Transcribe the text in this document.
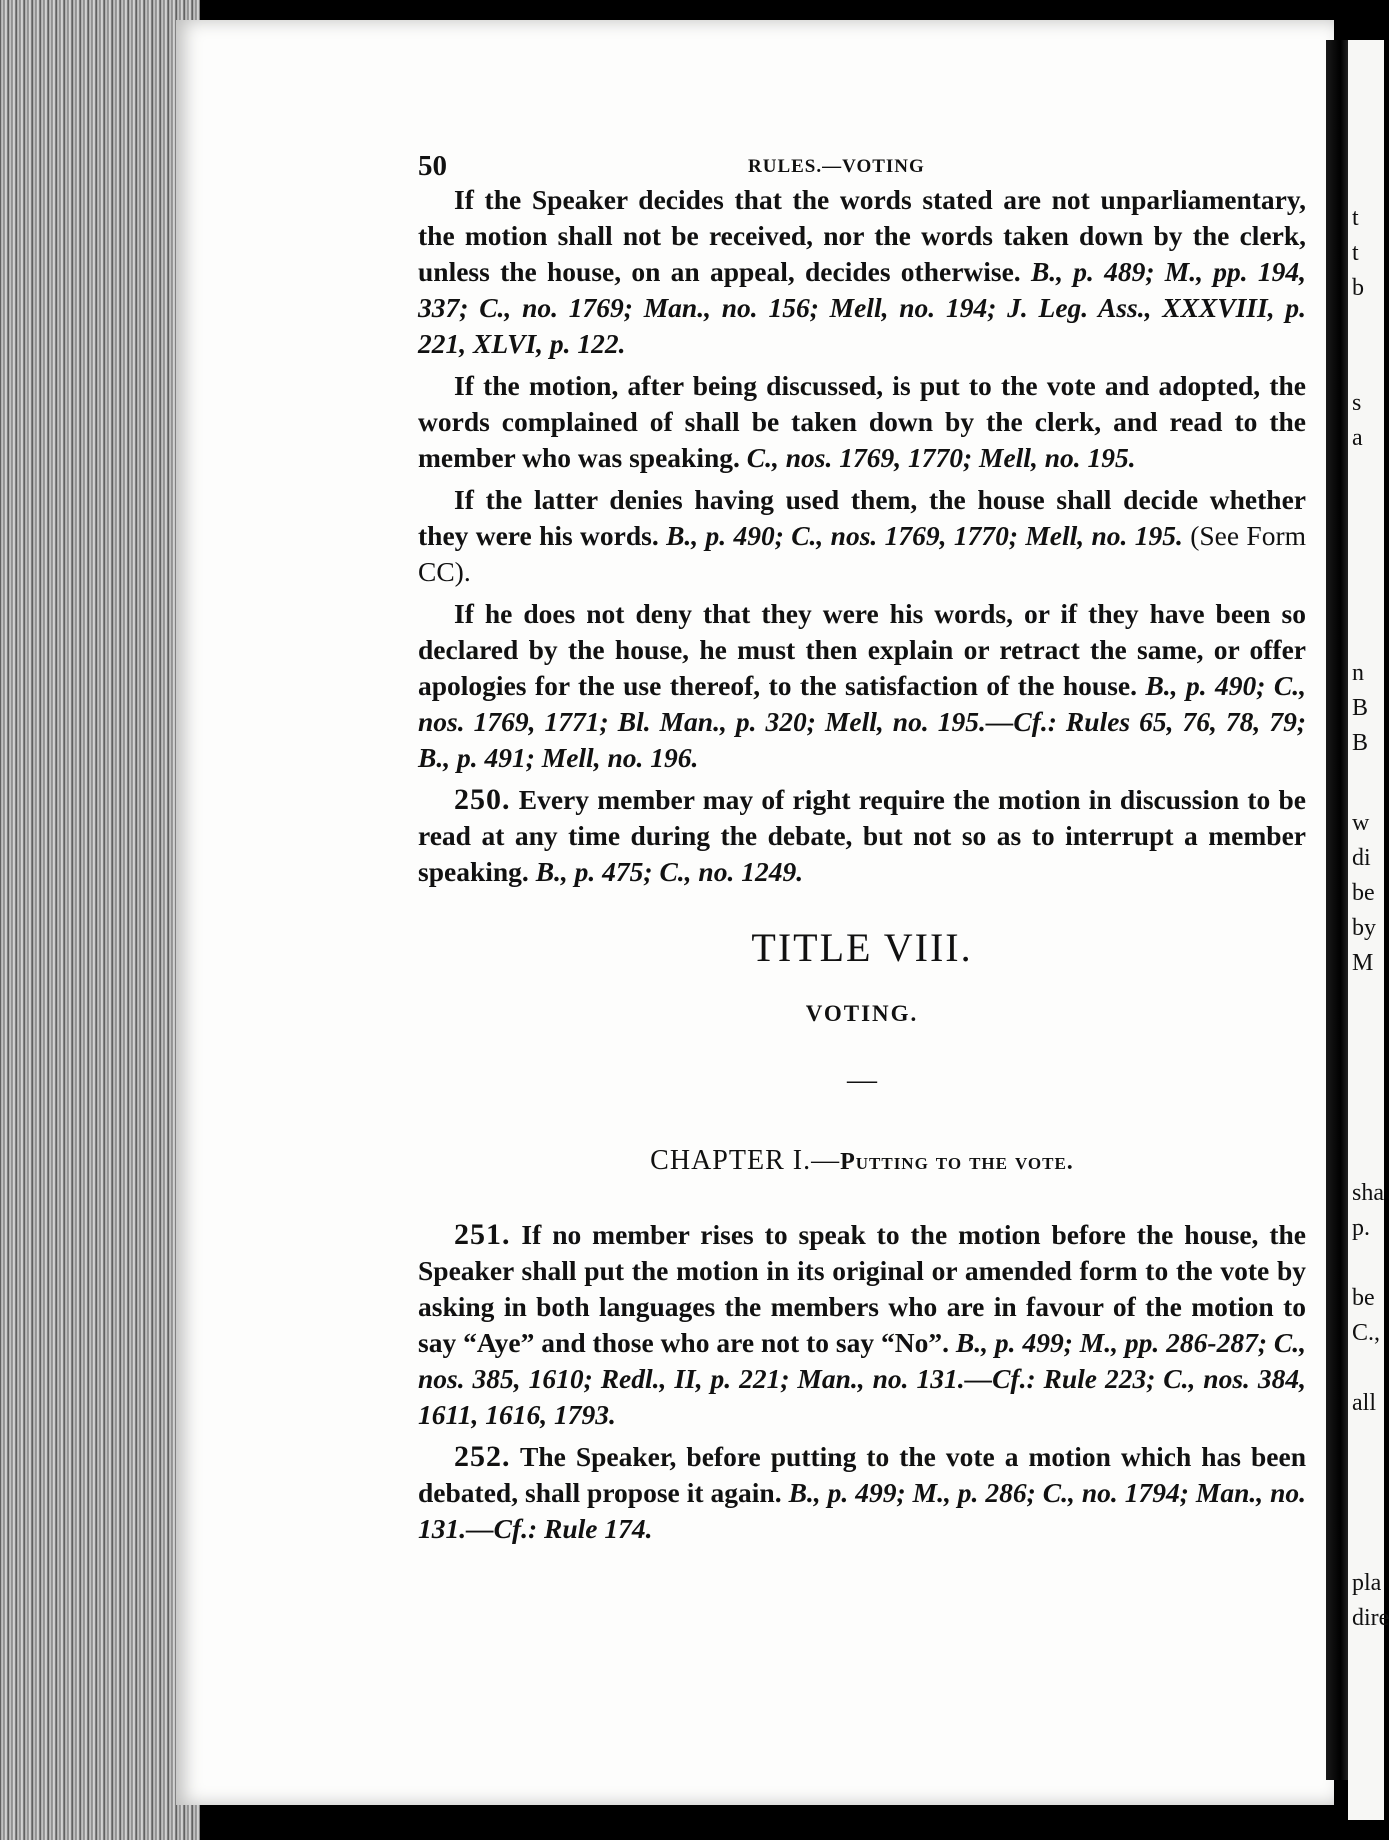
t
t
b
s
a
n
B
B
w
di
be
by
M
sha
p.
be
C.,
all
pla
dire
50	RULES.—VOTING

If the Speaker decides that the words stated are not unparliamentary, the motion shall not be received, nor the words taken down by the clerk, unless the house, on an appeal, decides otherwise. B., p. 489; M., pp. 194, 337; C., no. 1769; Man., no. 156; Mell, no. 194; J. Leg. Ass., XXXVIII, p. 221, XLVI, p. 122.

If the motion, after being discussed, is put to the vote and adopted, the words complained of shall be taken down by the clerk, and read to the member who was speaking. C., nos. 1769, 1770; Mell, no. 195.

If the latter denies having used them, the house shall decide whether they were his words. B., p. 490; C., nos. 1769, 1770; Mell, no. 195. (See Form CC).

If he does not deny that they were his words, or if they have been so declared by the house, he must then explain or retract the same, or offer apologies for the use thereof, to the satisfaction of the house. B., p. 490; C., nos. 1769, 1771; Bl. Man., p. 320; Mell, no. 195.—Cf.: Rules 65, 76, 78, 79; B., p. 491; Mell, no. 196.

250. Every member may of right require the motion in discussion to be read at any time during the debate, but not so as to interrupt a member speaking. B., p. 475; C., no. 1249.

TITLE VIII.
VOTING.
—
CHAPTER I.—Putting to the vote.

251. If no member rises to speak to the motion before the house, the Speaker shall put the motion in its original or amended form to the vote by asking in both languages the members who are in favour of the motion to say “Aye” and those who are not to say “No”. B., p. 499; M., pp. 286-287; C., nos. 385, 1610; Redl., II, p. 221; Man., no. 131.—Cf.: Rule 223; C., nos. 384, 1611, 1616, 1793.

252. The Speaker, before putting to the vote a motion which has been debated, shall propose it again. B., p. 499; M., p. 286; C., no. 1794; Man., no. 131.—Cf.: Rule 174.
